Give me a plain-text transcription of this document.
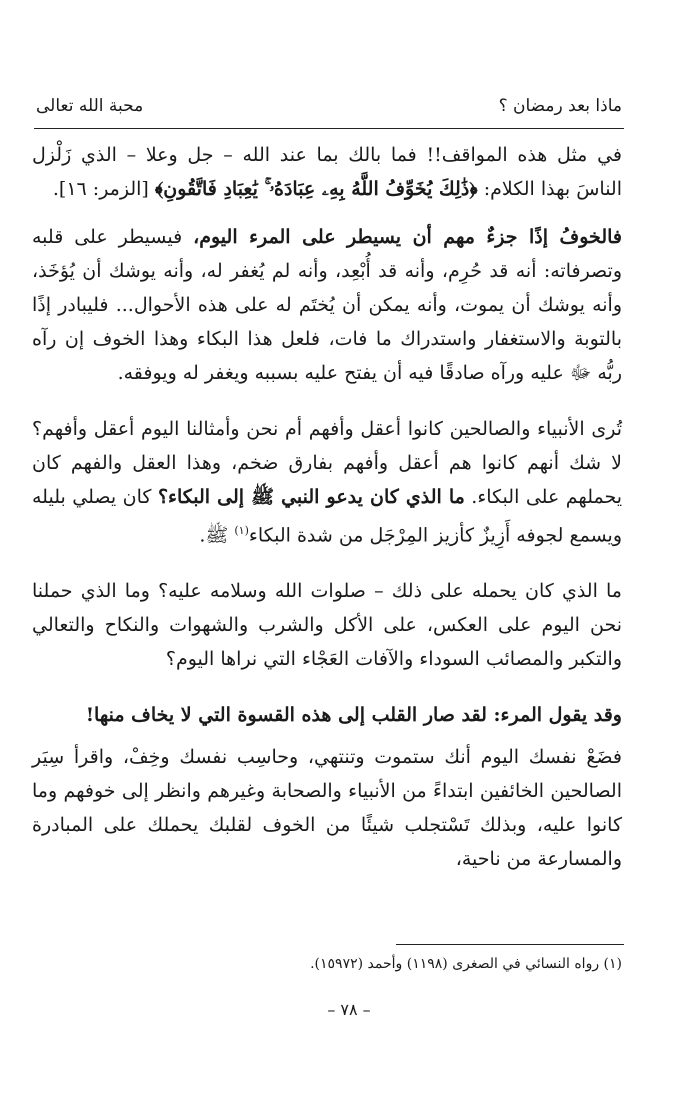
ماذا بعد رمضان ؟
محبة الله تعالى

في مثل هذه المواقف!! فما بالك بما عند الله – جل وعلا – الذي زَلْزل الناسَ بهذا الكلام: ﴿ذَٰلِكَ يُخَوِّفُ اللَّهُ بِهِۦ عِبَادَهُۥ ۚ يَٰعِبَادِ فَاتَّقُونِ﴾ [الزمر: ١٦].

فالخوفُ إذًا جزءٌ مهم أن يسيطر على المرء اليوم، فيسيطر على قلبه وتصرفاته: أنه قد حُرِم، وأنه قد أُبْعِد، وأنه لم يُغفر له، وأنه يوشك أن يُؤخَذ، وأنه يوشك أن يموت، وأنه يمكن أن يُختَم له على هذه الأحوال... فليبادر إذًا بالتوبة والاستغفار واستدراك ما فات، فلعل هذا البكاء وهذا الخوف إن رآه ربُّه ﷻ عليه ورآه صادقًا فيه أن يفتح عليه بسببه ويغفر له ويوفقه.

تُرى الأنبياء والصالحين كانوا أعقل وأفهم أم نحن وأمثالنا اليوم أعقل وأفهم؟ لا شك أنهم كانوا هم أعقل وأفهم بفارق ضخم، وهذا العقل والفهم كان يحملهم على البكاء. ما الذي كان يدعو النبي ﷺ إلى البكاء؟ كان يصلي بليله ويسمع لجوفه أَزِيزٌ كأزيز المِرْجَل من شدة البكاء$^{(١)}$ ﷺ.

ما الذي كان يحمله على ذلك – صلوات الله وسلامه عليه؟ وما الذي حملنا نحن اليوم على العكس، على الأكل والشرب والشهوات والنكاح والتعالي والتكبر والمصائب السوداء والآفات العَجْاء التي نراها اليوم؟

وقد يقول المرء: لقد صار القلب إلى هذه القسوة التي لا يخاف منها!

فضَعْ نفسك اليوم أنك ستموت وتنتهي، وحاسِب نفسك وخِفْ، واقرأ سِيَر الصالحين الخائفين ابتداءً من الأنبياء والصحابة وغيرهم وانظر إلى خوفهم وما كانوا عليه، وبذلك تَسْتجلب شيئًا من الخوف لقلبك يحملك على المبادرة والمسارعة من ناحية،

(١) رواه النسائي في الصغرى (١١٩٨) وأحمد (١٥٩٧٢).
– ٧٨ –
